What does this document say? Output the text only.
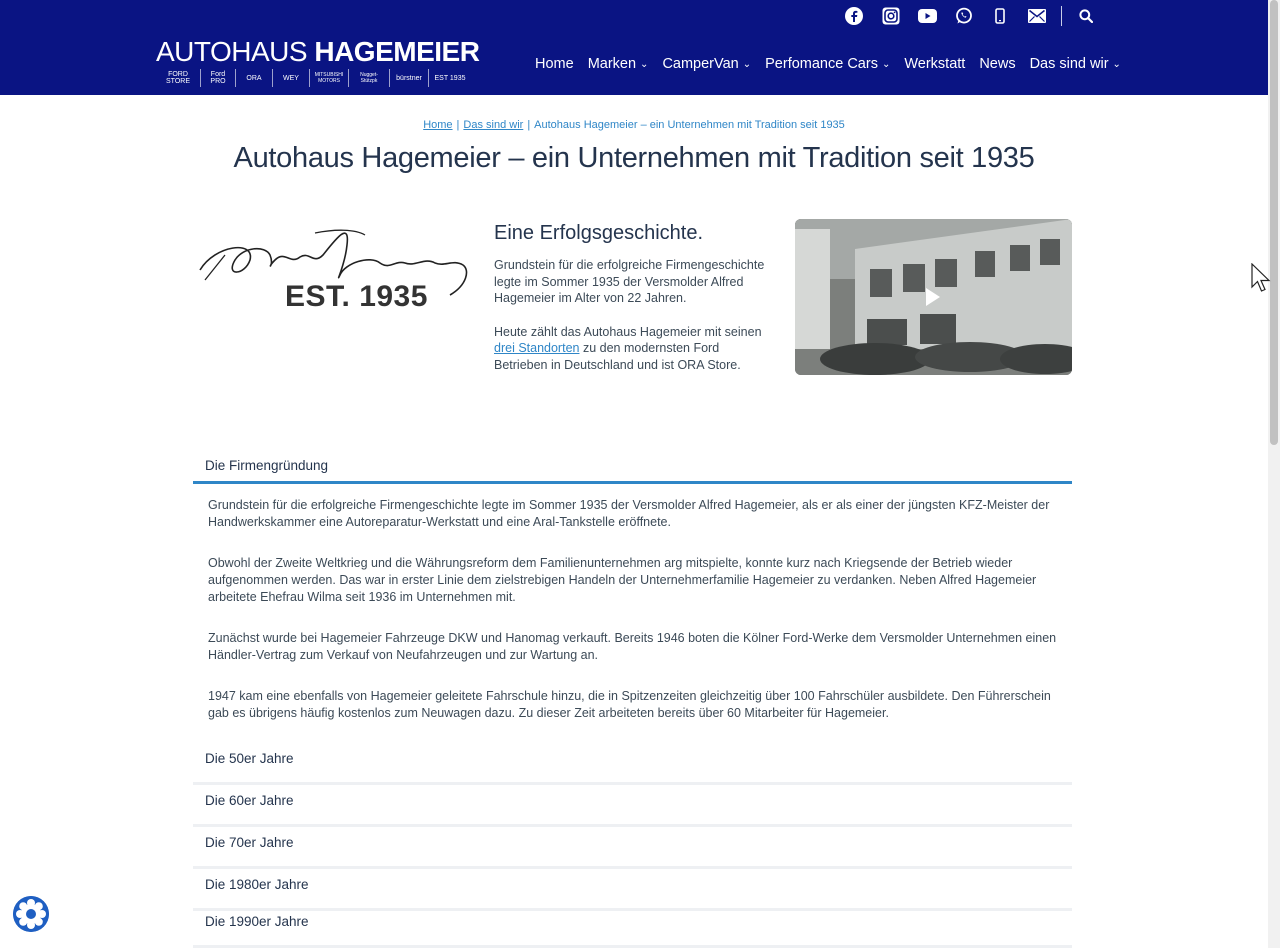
AUTOHAUS HAGEMEIER
FORD STORE
Ford PRO	ORA	WEY	MITSUBISHI MOTORS
Nugget-Stützpk	bürstner	EST 1935
Home Marken ⌄ CamperVan ⌄ Perfomance Cars ⌄ Werkstatt News Das sind wir ⌄
Home | Das sind wir | Autohaus Hagemeier – ein Unternehmen mit Tradition seit 1935
Autohaus Hagemeier – ein Unternehmen mit Tradition seit 1935
EST. 1935
Eine Erfolgsgeschichte.

Grundstein für die erfolgreiche Firmengeschichte legte im Sommer 1935 der Versmolder Alfred Hagemeier im Alter von 22 Jahren.

Heute zählt das Autohaus Hagemeier mit seinen drei Standorten zu den modernsten Ford Betrieben in Deutschland und ist ORA Store.

Die Firmengründung

Grundstein für die erfolgreiche Firmengeschichte legte im Sommer 1935 der Versmolder Alfred Hagemeier, als er als einer der jüngsten KFZ-Meister der Handwerkskammer eine Autoreparatur-Werkstatt und eine Aral-Tankstelle eröffnete.

Obwohl der Zweite Weltkrieg und die Währungsreform dem Familienunternehmen arg mitspielte, konnte kurz nach Kriegsende der Betrieb wieder aufgenommen werden. Das war in erster Linie dem zielstrebigen Handeln der Unternehmerfamilie Hagemeier zu verdanken. Neben Alfred Hagemeier arbeitete Ehefrau Wilma seit 1936 im Unternehmen mit.

Zunächst wurde bei Hagemeier Fahrzeuge DKW und Hanomag verkauft. Bereits 1946 boten die Kölner Ford-Werke dem Versmolder Unternehmen einen Händler-Vertrag zum Verkauf von Neufahrzeugen und zur Wartung an.

1947 kam eine ebenfalls von Hagemeier geleitete Fahrschule hinzu, die in Spitzenzeiten gleichzeitig über 100 Fahrschüler ausbildete. Den Führerschein gab es übrigens häufig kostenlos zum Neuwagen dazu. Zu dieser Zeit arbeiteten bereits über 60 Mitarbeiter für Hagemeier.

Die 50er Jahre
Die 60er Jahre
Die 70er Jahre
Die 1980er Jahre
Die 1990er Jahre
